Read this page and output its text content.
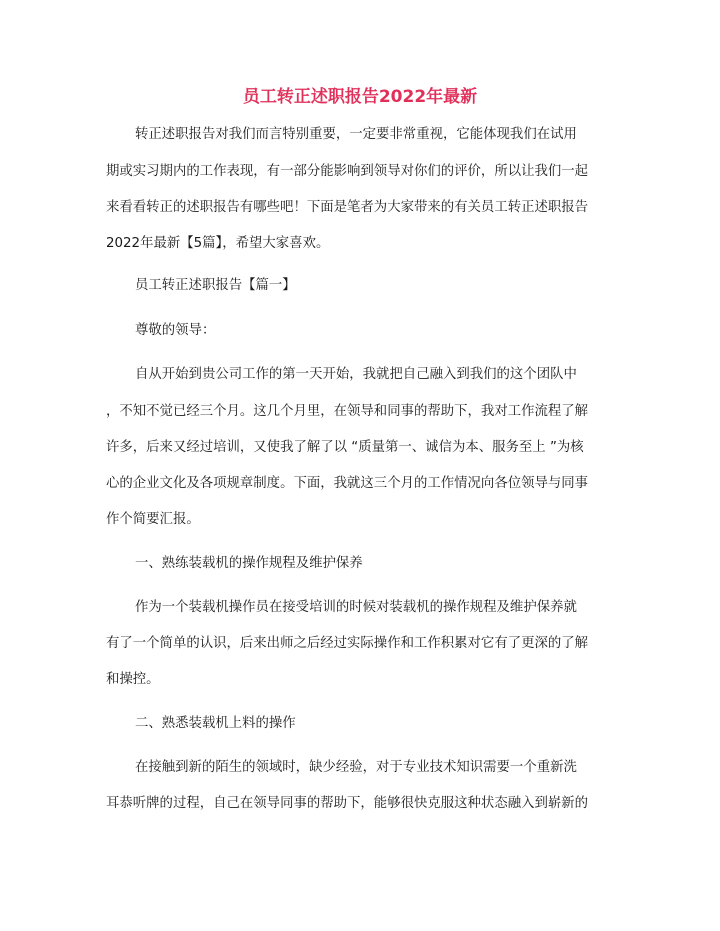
员工转正述职报告2022年最新
转正述职报告对我们而言特别重要，一定要非常重视，它能体现我们在试用
期或实习期内的工作表现，有一部分能影响到领导对你们的评价，所以让我们一起
来看看转正的述职报告有哪些吧！下面是笔者为大家带来的有关员工转正述职报告
2022年最新【5篇】，希望大家喜欢。
员工转正述职报告【篇一】
尊敬的领导：
自从开始到贵公司工作的第一天开始，我就把自己融入到我们的这个团队中
，不知不觉已经三个月。这几个月里，在领导和同事的帮助下，我对工作流程了解
许多，后来又经过培训，又使我了解了以 “质量第一、诚信为本、服务至上 ”为核
心的企业文化及各项规章制度。下面，我就这三个月的工作情况向各位领导与同事
作个简要汇报。
一、熟练装载机的操作规程及维护保养
作为一个装载机操作员在接受培训的时候对装载机的操作规程及维护保养就
有了一个简单的认识，后来出师之后经过实际操作和工作积累对它有了更深的了解
和操控。
二、熟悉装载机上料的操作
在接触到新的陌生的领域时，缺少经验，对于专业技术知识需要一个重新洗
耳恭听牌的过程，自己在领导同事的帮助下，能够很快克服这种状态融入到崭新的
